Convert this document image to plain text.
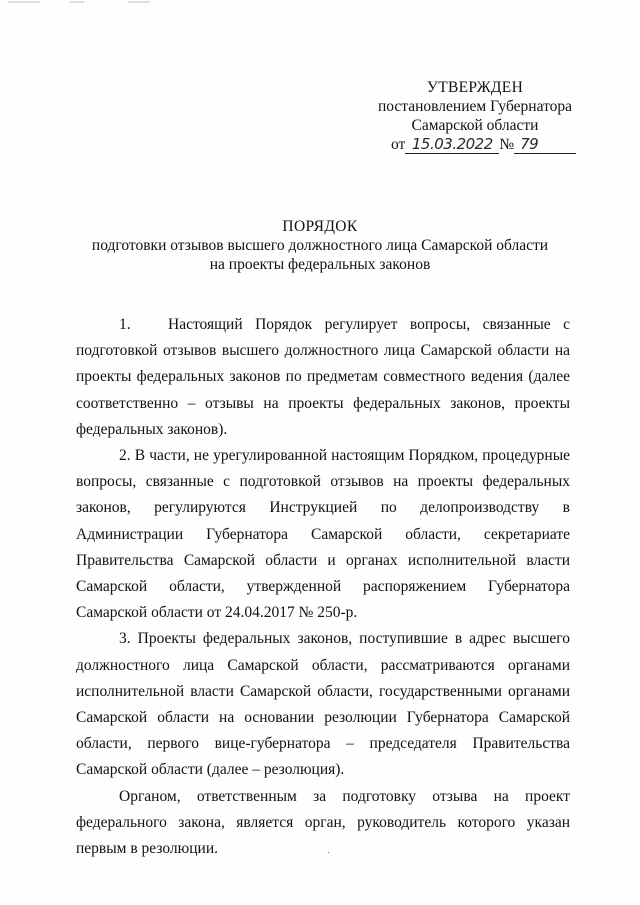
УТВЕРЖДЕН
постановлением Губернатора
Самарской области
от 15.03.2022 № 79
ПОРЯДОК
подготовки отзывов высшего должностного лица Самарской области
на проекты федеральных законов

1.   Настоящий Порядок регулирует вопросы, связанные с подготовкой отзывов высшего должностного лица Самарской области на проекты федеральных законов по предметам совместного ведения (далее соответственно – отзывы на проекты федеральных законов, проекты федеральных законов).

2. В части, не урегулированной настоящим Порядком, процедурные вопросы, связанные с подготовкой отзывов на проекты федеральных законов, регулируются Инструкцией по делопроизводству в Администрации Губернатора Самарской области, секретариате Правительства Самарской области и органах исполнительной власти Самарской области, утвержденной распоряжением Губернатора Самарской области от 24.04.2017 № 250-р.

3. Проекты федеральных законов, поступившие в адрес высшего должностного лица Самарской области, рассматриваются органами исполнительной власти Самарской области, государственными органами Самарской области на основании резолюции Губернатора Самарской области, первого вице-губернатора – председателя Правительства Самарской области (далее – резолюция).

Органом, ответственным за подготовку отзыва на проект федерального закона, является орган, руководитель которого указан первым в резолюции.
